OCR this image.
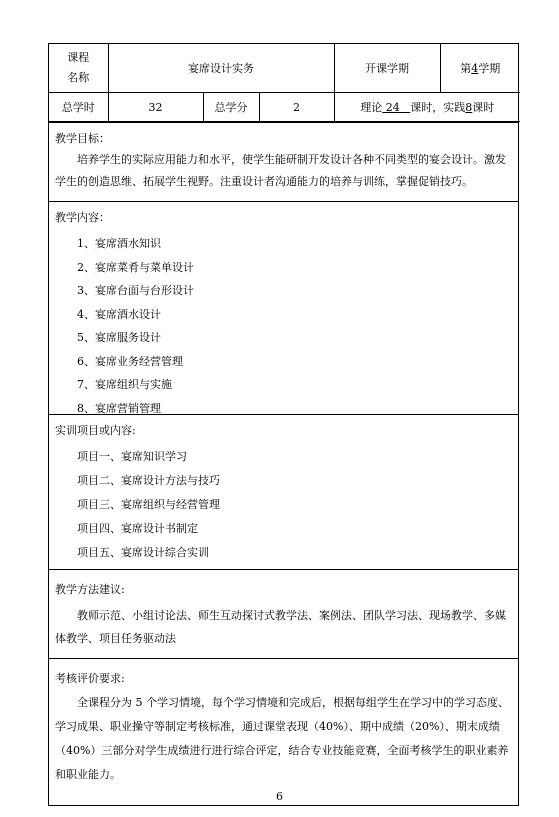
课程
名称	宴席设计实务			开课学期	第4学期
总学时	32	总学分	2	理论 24 课时，实践8课时	
教学目标：

培养学生的实际应用能力和水平，使学生能研制开发设计各种不同类型的宴会设计。激发学生的创造思维、拓展学生视野。注重设计者沟通能力的培养与训练，掌握促销技巧。

教学内容：
1、宴席酒水知识
2、宴席菜肴与菜单设计
3、宴席台面与台形设计
4、宴席酒水设计
5、宴席服务设计
6、宴席业务经营管理
7、宴席组织与实施
8、宴席营销管理
实训项目或内容:
项目一、宴席知识学习
项目二、宴席设计方法与技巧
项目三、宴席组织与经营管理
项目四、宴席设计书制定
项目五、宴席设计综合实训
教学方法建议:

教师示范、小组讨论法、师生互动探讨式教学法、案例法、团队学习法、现场教学、多媒体教学、项目任务驱动法

考核评价要求:

全课程分为 5 个学习情境，每个学习情境和完成后，根据每组学生在学习中的学习态度、学习成果、职业操守等制定考核标准，通过课堂表现（40%）、期中成绩（20%）、期末成绩（40%）三部分对学生成绩进行进行综合评定，结合专业技能竞赛，全面考核学生的职业素养和职业能力。

6
